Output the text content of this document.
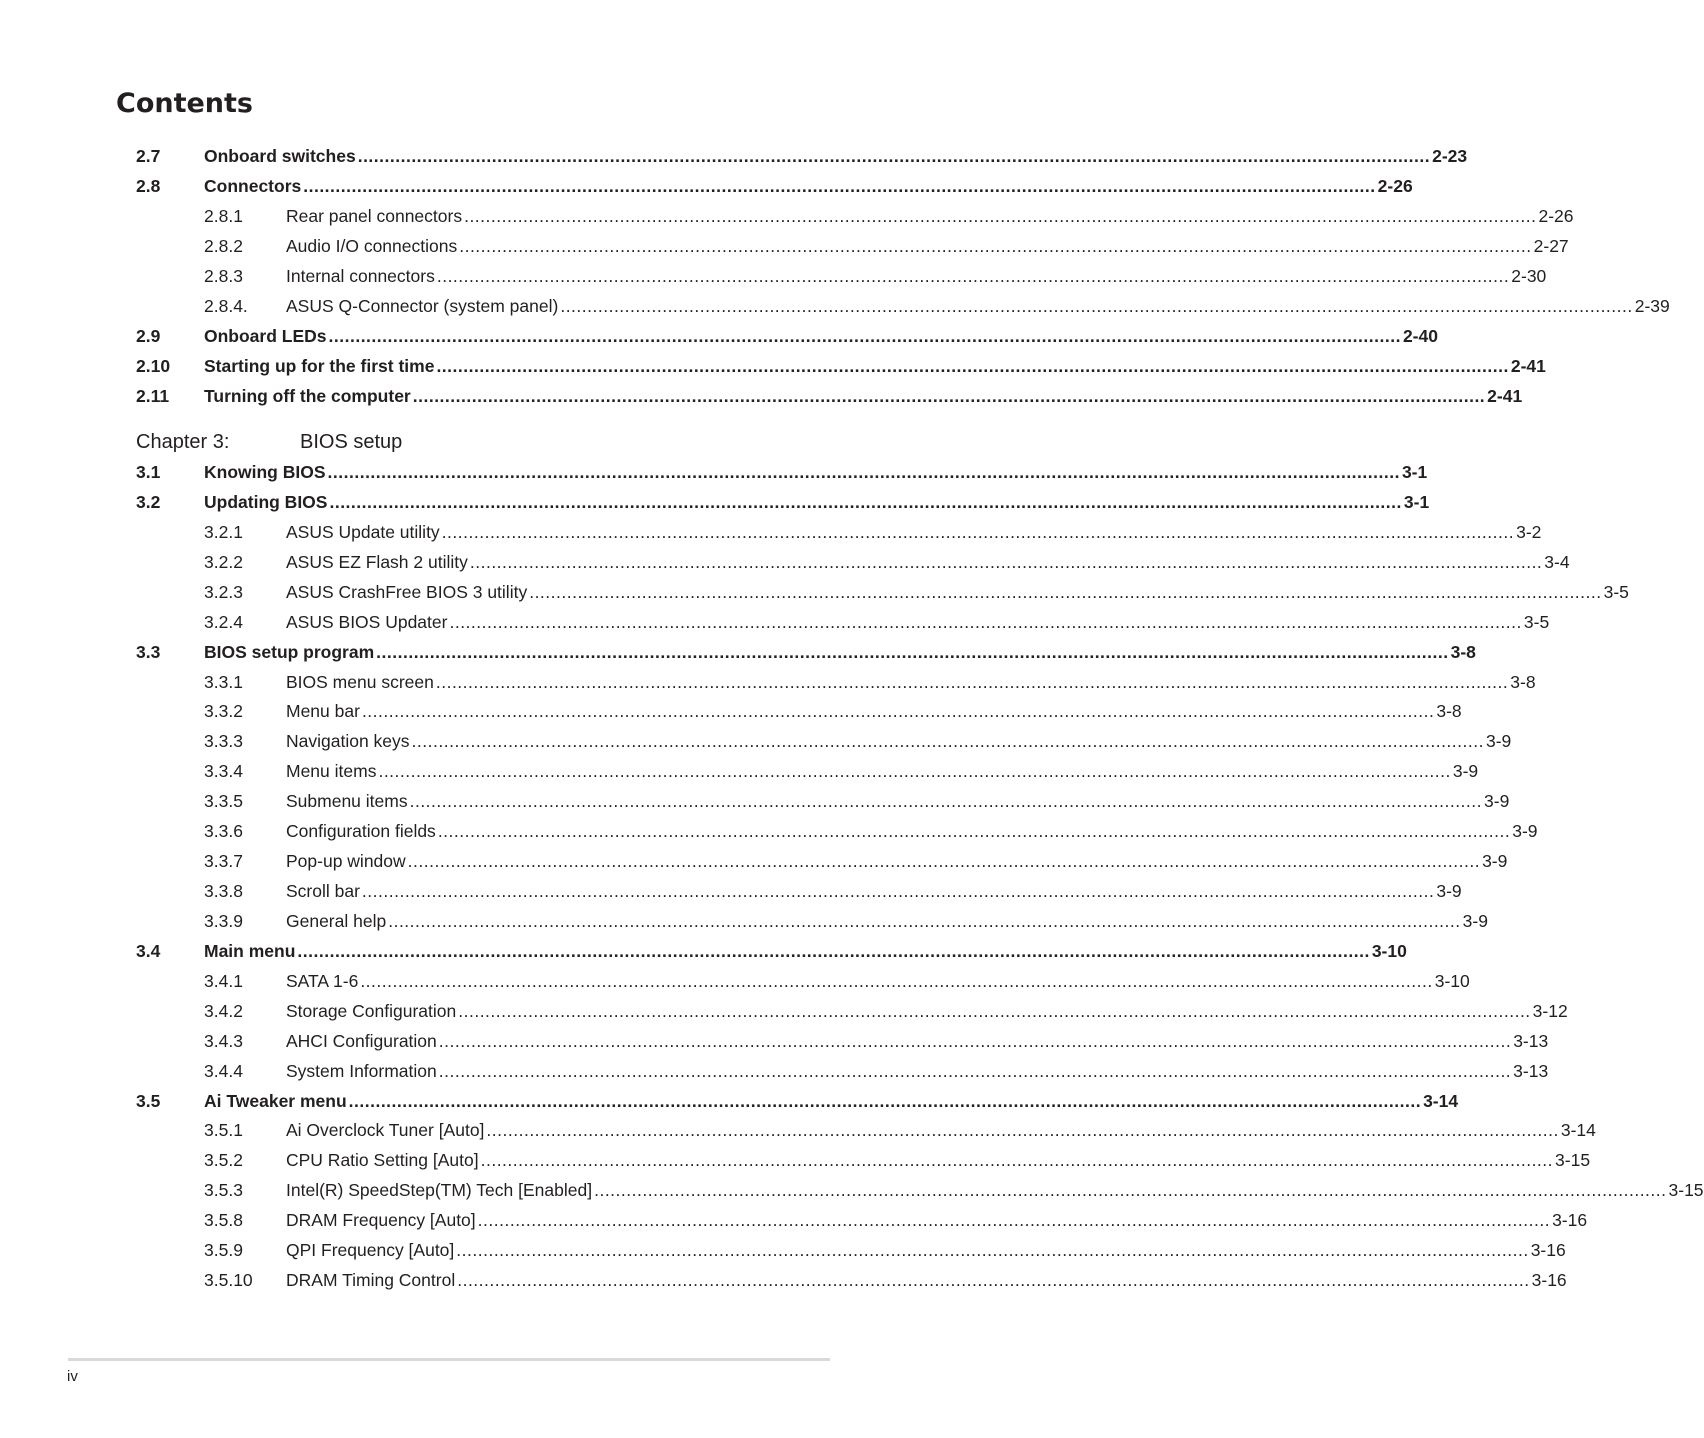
Contents
2.7 Onboard switches ........................................................................................................................................................................................................ 2-23
2.8 Connectors ........................................................................................................................................................................................................ 2-26
2.8.1 Rear panel connectors ........................................................................................................................................................................................................ 2-26
2.8.2 Audio I/O connections ........................................................................................................................................................................................................ 2-27
2.8.3 Internal connectors ........................................................................................................................................................................................................ 2-30
2.8.4. ASUS Q-Connector (system panel) ........................................................................................................................................................................................................ 2-39
2.9 Onboard LEDs ........................................................................................................................................................................................................ 2-40
2.10 Starting up for the first time ........................................................................................................................................................................................................ 2-41
2.11 Turning off the computer ........................................................................................................................................................................................................ 2-41
Chapter 3:	BIOS setup
3.1 Knowing BIOS ........................................................................................................................................................................................................ 3-1
3.2 Updating BIOS ........................................................................................................................................................................................................ 3-1
3.2.1 ASUS Update utility ........................................................................................................................................................................................................ 3-2
3.2.2 ASUS EZ Flash 2 utility ........................................................................................................................................................................................................ 3-4
3.2.3 ASUS CrashFree BIOS 3 utility ........................................................................................................................................................................................................ 3-5
3.2.4 ASUS BIOS Updater ........................................................................................................................................................................................................ 3-5
3.3 BIOS setup program ........................................................................................................................................................................................................ 3-8
3.3.1 BIOS menu screen ........................................................................................................................................................................................................ 3-8
3.3.2 Menu bar ........................................................................................................................................................................................................ 3-8
3.3.3 Navigation keys ........................................................................................................................................................................................................ 3-9
3.3.4 Menu items ........................................................................................................................................................................................................ 3-9
3.3.5 Submenu items ........................................................................................................................................................................................................ 3-9
3.3.6 Configuration fields ........................................................................................................................................................................................................ 3-9
3.3.7 Pop-up window ........................................................................................................................................................................................................ 3-9
3.3.8 Scroll bar ........................................................................................................................................................................................................ 3-9
3.3.9 General help ........................................................................................................................................................................................................ 3-9
3.4 Main menu ........................................................................................................................................................................................................ 3-10
3.4.1 SATA 1-6 ........................................................................................................................................................................................................ 3-10
3.4.2 Storage Configuration ........................................................................................................................................................................................................ 3-12
3.4.3 AHCI Configuration ........................................................................................................................................................................................................ 3-13
3.4.4 System Information ........................................................................................................................................................................................................ 3-13
3.5 Ai Tweaker menu ........................................................................................................................................................................................................ 3-14
3.5.1 Ai Overclock Tuner [Auto] ........................................................................................................................................................................................................ 3-14
3.5.2 CPU Ratio Setting [Auto] ........................................................................................................................................................................................................ 3-15
3.5.3 Intel(R) SpeedStep(TM) Tech [Enabled] ........................................................................................................................................................................................................ 3-15
3.5.8 DRAM Frequency [Auto] ........................................................................................................................................................................................................ 3-16
3.5.9 QPI Frequency [Auto] ........................................................................................................................................................................................................ 3-16
3.5.10 DRAM Timing Control ........................................................................................................................................................................................................ 3-16
iv
